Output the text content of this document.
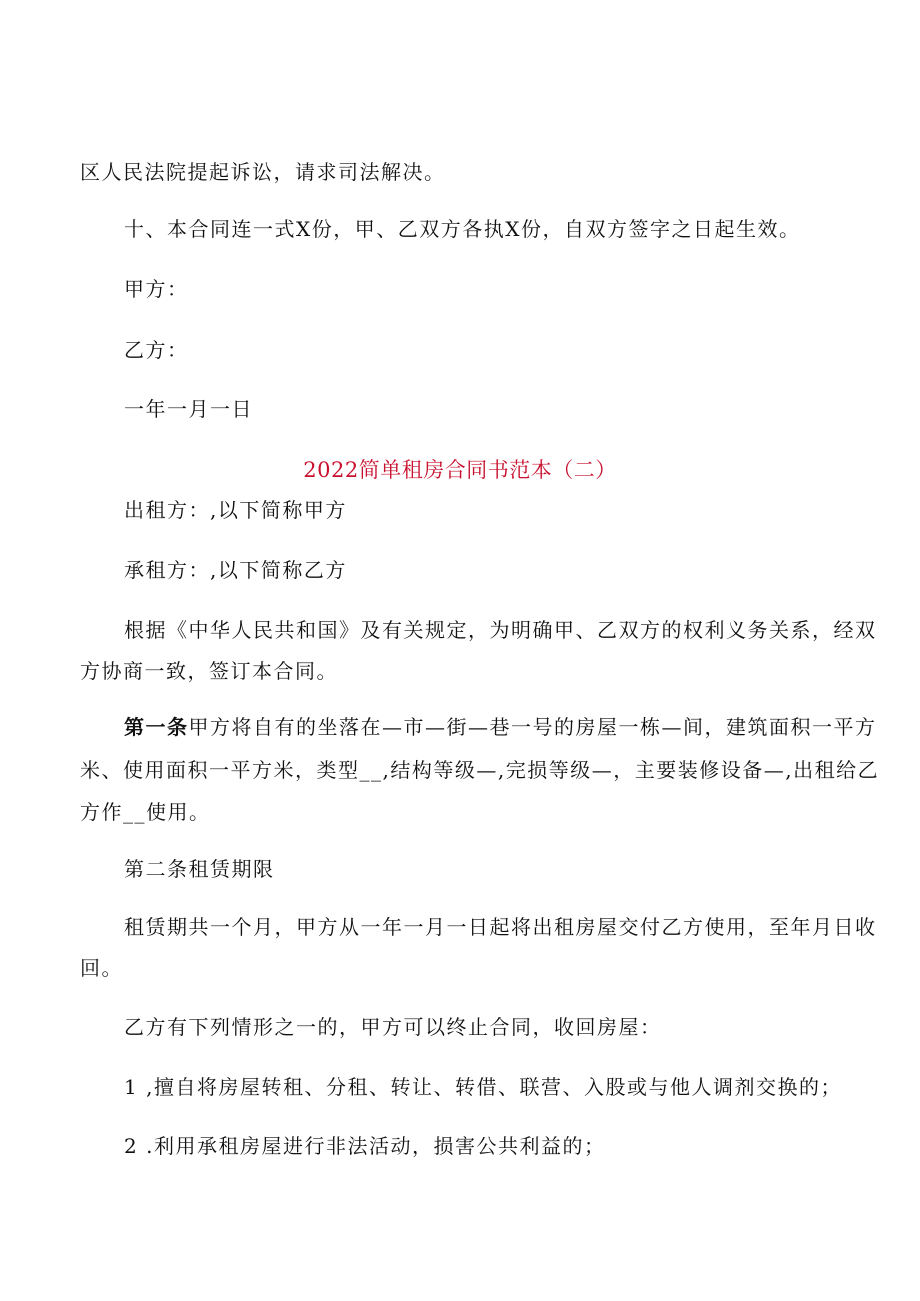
区人民法院提起诉讼，请求司法解决。
十、本合同连一式X份，甲、乙双方各执X份，自双方签字之日起生效。
甲方：
乙方：
一年一月一日
2022简单租房合同书范本（二）
出租方：,以下简称甲方
承租方：,以下简称乙方
根据《中华人民共和国》及有关规定，为明确甲、乙双方的权利义务关系，经双
方协商一致，签订本合同。
第一条甲方将自有的坐落在—市—街—巷一号的房屋一栋—间，建筑面积一平方
米、使用面积一平方米，类型__,结构等级—,完损等级—，主要装修设备—,出租给乙
方作__使用。
第二条租赁期限
租赁期共一个月，甲方从一年一月一日起将出租房屋交付乙方使用，至年月日收
回。
乙方有下列情形之一的，甲方可以终止合同，收回房屋：
1 ,擅自将房屋转租、分租、转让、转借、联营、入股或与他人调剂交换的；
2 .利用承租房屋进行非法活动，损害公共利益的；
